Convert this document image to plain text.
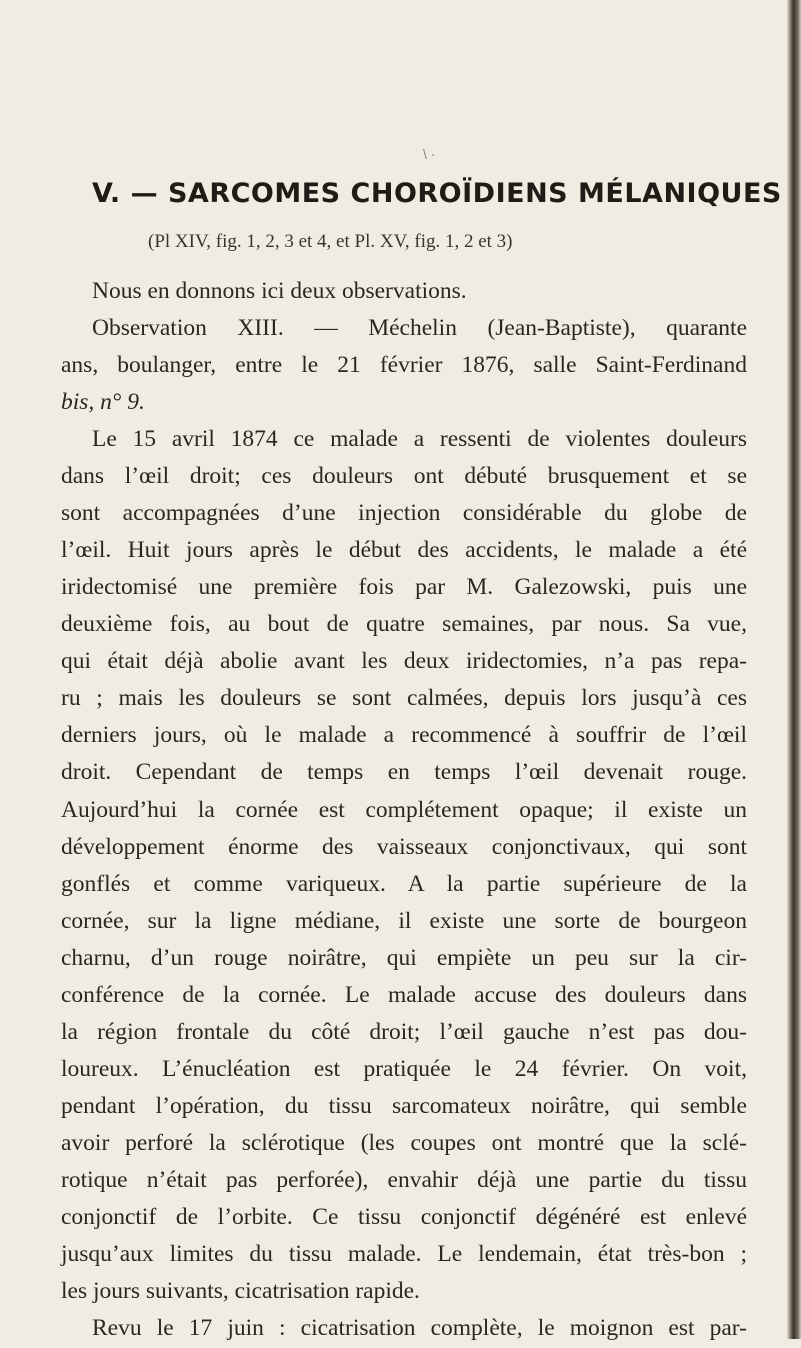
\ ·
V. — SARCOMES CHOROÏDIENS MÉLANIQUES
(Pl XIV, fig. 1, 2, 3 et 4, et Pl. XV, fig. 1, 2 et 3)
Nous en donnons ici deux observations.
Observation XIII. — Méchelin (Jean-Baptiste), quarante
ans, boulanger, entre le 21 février 1876, salle Saint-Ferdinand
bis, n° 9.
Le 15 avril 1874 ce malade a ressenti de violentes douleurs
dans l’œil droit; ces douleurs ont débuté brusquement et se
sont accompagnées d’une injection considérable du globe de
l’œil. Huit jours après le début des accidents, le malade a été
iridectomisé une première fois par M. Galezowski, puis une
deuxième fois, au bout de quatre semaines, par nous. Sa vue,
qui était déjà abolie avant les deux iridectomies, n’a pas repa-
ru ; mais les douleurs se sont calmées, depuis lors jusqu’à ces
derniers jours, où le malade a recommencé à souffrir de l’œil
droit. Cependant de temps en temps l’œil devenait rouge.
Aujourd’hui la cornée est complétement opaque; il existe un
développement énorme des vaisseaux conjonctivaux, qui sont
gonflés et comme variqueux. A la partie supérieure de la
cornée, sur la ligne médiane, il existe une sorte de bourgeon
charnu, d’un rouge noirâtre, qui empiète un peu sur la cir-
conférence de la cornée. Le malade accuse des douleurs dans
la région frontale du côté droit; l’œil gauche n’est pas dou-
loureux. L’énucléation est pratiquée le 24 février. On voit,
pendant l’opération, du tissu sarcomateux noirâtre, qui semble
avoir perforé la sclérotique (les coupes ont montré que la sclé-
rotique n’était pas perforée), envahir déjà une partie du tissu
conjonctif de l’orbite. Ce tissu conjonctif dégénéré est enlevé
jusqu’aux limites du tissu malade. Le lendemain, état très-bon ;
les jours suivants, cicatrisation rapide.
Revu le 17 juin : cicatrisation complète, le moignon est par-
